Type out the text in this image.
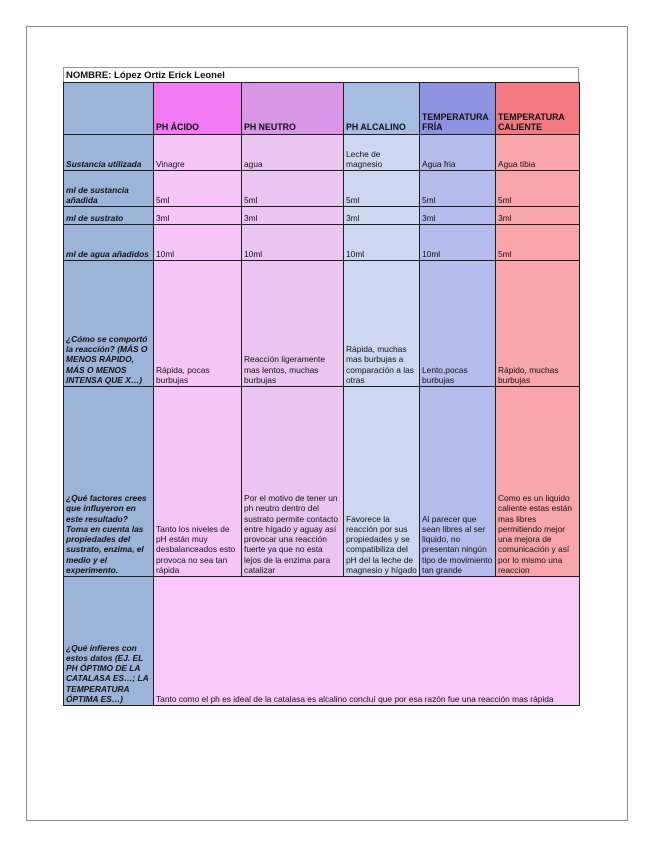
NOMBRE: López Ortiz Erick Leonel
	PH ÁCIDO	PH NEUTRO	PH ALCALINO	TEMPERATURA FRÍA	TEMPERATURA CALIENTE
Sustancia utilizada	Vinagre	agua	Leche de magnesio	Agua fria	Agua tibia
ml de sustancia añadida	5ml	5ml	5ml	5ml	5ml
ml de sustrato	3ml	3ml	3ml	3ml	3ml
ml de agua añadidos	10ml	10ml	10ml	10ml	5ml
¿Cómo se comportó la reacción? (MÁS O MENOS RÁPIDO, MÁS O MENOS INTENSA QUE X…)	Rápida, pocas burbujas	Reacción ligeramente mas lentos, muchas burbujas	Rápida, muchas mas burbujas a comparación a las otras	Lento,pocas burbujas	Rápido, muchas burbujas
¿Qué factores crees que influyeron en este resultado? Toma en cuenta las propiedades del sustrato, enzima, el medio y el experimento.	Tanto los niveles de pH están muy desbalanceados esto provoca no sea tan rápida	Por el motivo de tener un ph neutro dentro del sustrato permite contacto entre hígado y aguay así provocar una reacción fuerte ya que no esta lejos de la enzima para catalizar	Favorece la reacción por sus propiedades y se compatibiliza del pH del la leche de magnesio y hígado	Al parecer que sean libres al ser liquido, no presentan ningún tipo de movimiento tan grande	Como es un liquido caliente estas están mas libres permitiendo mejor una mejora de comunicación y así por lo mismo una reaccion
¿Qué infieres con estos datos (EJ. EL PH ÓPTIMO DE LA CATALASA ES…; LA TEMPERATURA ÓPTIMA ES…)	Tanto como el ph es ideal de la catalasa es alcalino concluí que por esa razón fue una reacción mas rápida				
